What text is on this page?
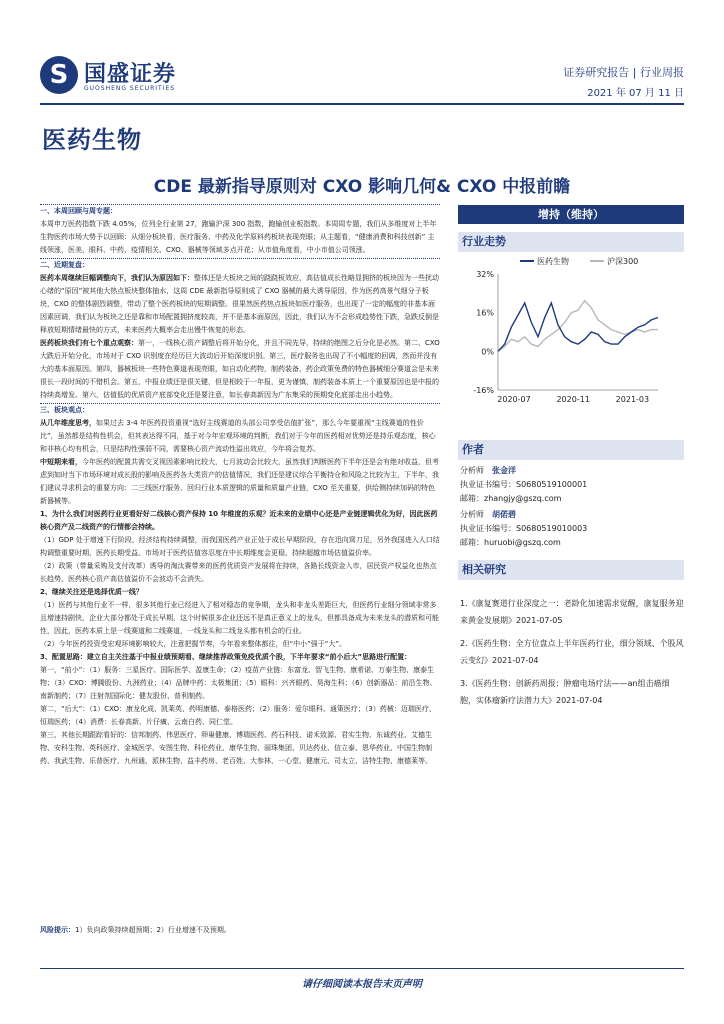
S 国盛证券
GUOSHENG SECURITIES
证券研究报告 | 行业周报
2021 年 07 月 11 日
医药生物
CDE 最新指导原则对 CXO 影响几何& CXO 中报前瞻
一、本周回顾与周专题：
本周申万医药指数下跌 4.05%，位列全行业第 27，跑输沪深 300 指数，跑输创业板指数。本周周专题，我们从多维度对上半年生物医药市场大势予以回顾：从细分板块看，医疗服务、中药及化学原料药板块表现亮眼；从主题看，“健康消费和科技创新” 主线领涨，医美、眼科、中药、疫情相关、CXO、器械等领域多点开花；从市值角度看，中小市值公司领涨。
二、近期复盘：
医药本周继续巨幅调整向下，我们认为原因如下：整体还是大板块之间的跷跷板效应，高估值成长性略显拥挤的板块因为一些扰动心绪的“原因”被其他大热点板块整体抽水，这周 CDE 最新指导原则成了 CXO 器械的最大诱导原因，作为医药高景气细分子板块，CXO 的整体剧烈调整，带动了整个医药板块的短期调整。很果然医药热点板块如医疗服务，也出现了一定的幅度的非基本面因素回调，我们认为板块之还是靠和市场配置拥挤度较高，并不是基本面原因，因此，我们认为不会形成趋势性下跌，急跌反倒是释放短期情绪最快的方式，未来医药大概率会走出慢牛恢复的形态。
医药板块我们有七个重点观察：第一，一线核心资产调整后将开始分化，并且不同先导，持续的绝图之后分化是必然。第二，CXO 大跌后开始分化，市场对于 CXO 识别度在经历巨大波动后开始深度识别。第三，医疗服务也出现了不小幅度的回调，然而并没有大的基本面原因。第四，器械板块一些特色赛道表现亮眼，如自动化药物，制药装备，药企政策免费的特色器械细分赛道会是未来很长一段时间的不错机会。第五，中报业绩还是很关键，但是相较于一年报，更为谨慎，制药装备本质上一个重要原因也是中报的持续高增发。第六，估值低的优质资产底部变化还是要注意，如长春高新因为广东集采的预期变化底部走出小趋势。
三、板块观点：
从几年维度思考，如果过去 3-4 年医药投资重视“选好主线赛道的头部公司享受估值扩张”，那么今年要重视“主线赛道的性价比”，虽然都是结构性机会，但其表达得不同，基于对今年宏观环境的判断，我们对于今年的医药相对优势还是持乐观态度，核心和非核心均有机会，只是结构性强弱不同，需要核心资产流动性溢出效应，今年将会复苏。
中短期来看，今年医药的配置共需交叉视因素影响比较大，七月波动会比较大，虽然我们判断医药下半年还是会有绝对收益，但考虑到如时当下市场环境对成长股的影响及医药各大类资产的估值情况，我们还是建议综合平衡持仓和风险之比较为主，下半年，我们建议寻求机会的重要方向：二三线医疗服务、回归行业本质逻辑的质量和质量产业链，CXO 至关重要，供给侧持续加码的特色新器械等。
1、为什么我们对医药行业更看好好二线核心资产保持 10 年维度的乐观？近未来的业绩中心还是产业链逻辑优化为好，因此医药核心资产及二线资产的行情都会持续。
（1）GDP 处于增速下行阶段，经济结构持续调整，而我国医药产业正处于成长早期阶段，存在迅向窝刀足，另外我国进入人口结构调整重要时期，医药长期受益。市场对于医药估值容忍度在中长期维度会更稳，持续超越市场估值溢价率。
（2）政策（带量采购及支付改革）诱导的淘汰赛带来的医药优质资产发展将在持续，各路长线资金入市，居民资产权益化也热点长趋势，医药核心资产高估值溢价不会波动不会消失。
2、继续关注还是选择优质一线？
（1）医药与其他行业不一样，很多其他行业已经进入了相对稳态的竞争期，龙头和非龙头差距巨大，但医药行业细分领域非常多且增速持剧快，企业大部分都处于成长早期，这个时候很多企业还远不是真正意义上的龙头，但都具备成为未来龙头的潜质和可能性，因此，医药本质上是一线赛道和二线赛道，一线龙头和二线龙头都有机会的行业。
（2）今年医药投资受宏观环境影响较大，注意把握节奏，今年看来整体都往，但“中小”强于“大”。
3、配置思路：建立自主关注基于中报业绩预期看、继续推荐政策免疫优质个股，下半年要求“前小后大”思路进行配置：
第一，“前小”：（1）服务：三星医疗、国际医学、盈康生命；（2）疫苗产业链：东富龙、智飞生物、康希诺、万泰生物、康泰生物；（3）CXO：博腾股份、九洲药业；（4）品牌中药：太极集团；（5）眼科：兴齐眼药、昊海生科；（6）创新器品：前沿生物、南新制药；（7）注射剂国际化：健友股份、普利制药。
第二，“后大”：（1）CXO：康龙化成、凯莱英、药明康德、泰格医药；（2）服务：爱尔眼科、通策医疗；（3）药械：迈瑞医疗、恒瑞医药；（4）消费：长春高新、片仔癀、云南白药、同仁堂。
第三，其他长期跟踪看好的：信邦制药、伟思医疗、卵巢健康、博瑞医药、药石科技、诺禾致源、君实生物、东诚药业、艾德生物、安科生物、英科医疗、金城医学、安图生物、科伦药业、康华生物、丽珠集团、贝达药业、信立泰、恩华药业、中国生物制药、我武生物、乐普医疗、九州通、派林生物、益丰药房、老百姓、大参林、一心堂、健康元、司太立、洁特生物、康德莱等。
风险提示：1）负向政策持续超预期；2）行业增速不及预期。
增持（维持）
行业走势
医药生物	沪深300
32%
16%
0%
-16%
2020-07	2020-11	2021-03
作者
分析师  张金洋
执业证书编号：S0680519100001
邮箱：zhangjy@gszq.com
分析师  胡偌碧
执业证书编号：S0680519010003
邮箱：huruobi@gszq.com
相关研究
1.《康复赛道行业深度之一：老龄化加速需求觉醒，康复服务迎来黄金发展期》2021-07-05
2.《医药生物：全方位盘点上半年医药行业，细分领域、个股风云变幻》2021-07-04
3.《医药生物：创新药周报：肿瘤电场疗法——an组击癌细胞，实体瘤新疗法潜力大》2021-07-04
请仔细阅读本报告末页声明
